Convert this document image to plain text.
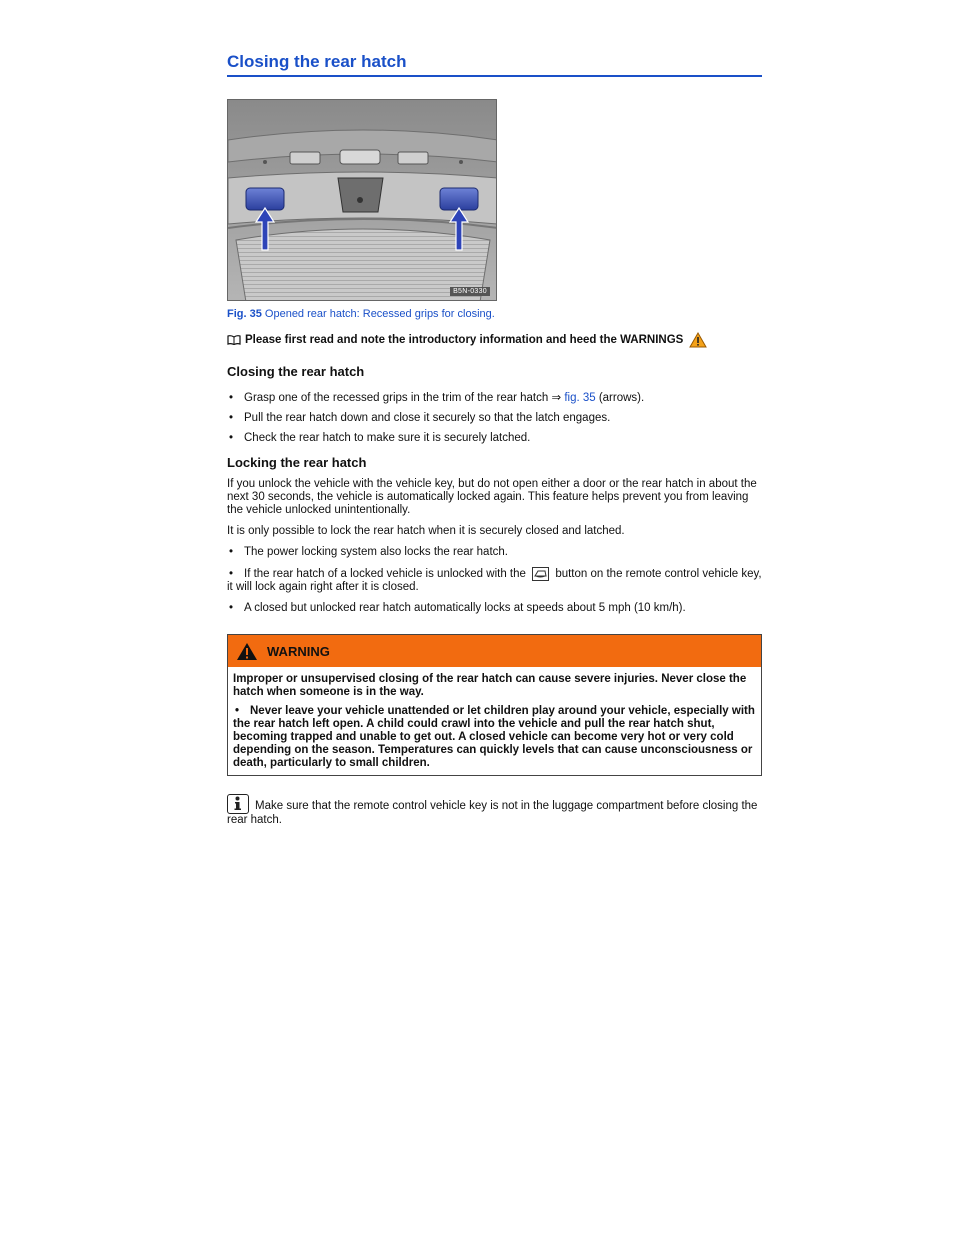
Closing the rear hatch
B5N-0330
Fig. 35 Opened rear hatch: Recessed grips for closing.
Please first read and note the introductory information and heed the WARNINGS
Closing the rear hatch
• Grasp one of the recessed grips in the trim of the rear hatch ⇒ fig. 35 (arrows).
• Pull the rear hatch down and close it securely so that the latch engages.
• Check the rear hatch to make sure it is securely latched.
Locking the rear hatch

If you unlock the vehicle with the vehicle key, but do not open either a door or the rear hatch in about the next 30 seconds, the vehicle is automatically locked again. This feature helps prevent you from leaving the vehicle unlocked unintentionally.

It is only possible to lock the rear hatch when it is securely closed and latched.

• The power locking system also locks the rear hatch.
• If the rear hatch of a locked vehicle is unlocked with the  button on the remote control vehicle key, it will lock again right after it is closed.
• A closed but unlocked rear hatch automatically locks at speeds about 5 mph (10 km/h).
WARNING
Improper or unsupervised closing of the rear hatch can cause severe injuries. Never close the hatch when someone is in the way.
• Never leave your vehicle unattended or let children play around your vehicle, especially with the rear hatch left open. A child could crawl into the vehicle and pull the rear hatch shut, becoming trapped and unable to get out. A closed vehicle can become very hot or very cold depending on the season. Temperatures can quickly levels that can cause unconsciousness or death, particularly to small children.
Make sure that the remote control vehicle key is not in the luggage compartment before closing the rear hatch.
